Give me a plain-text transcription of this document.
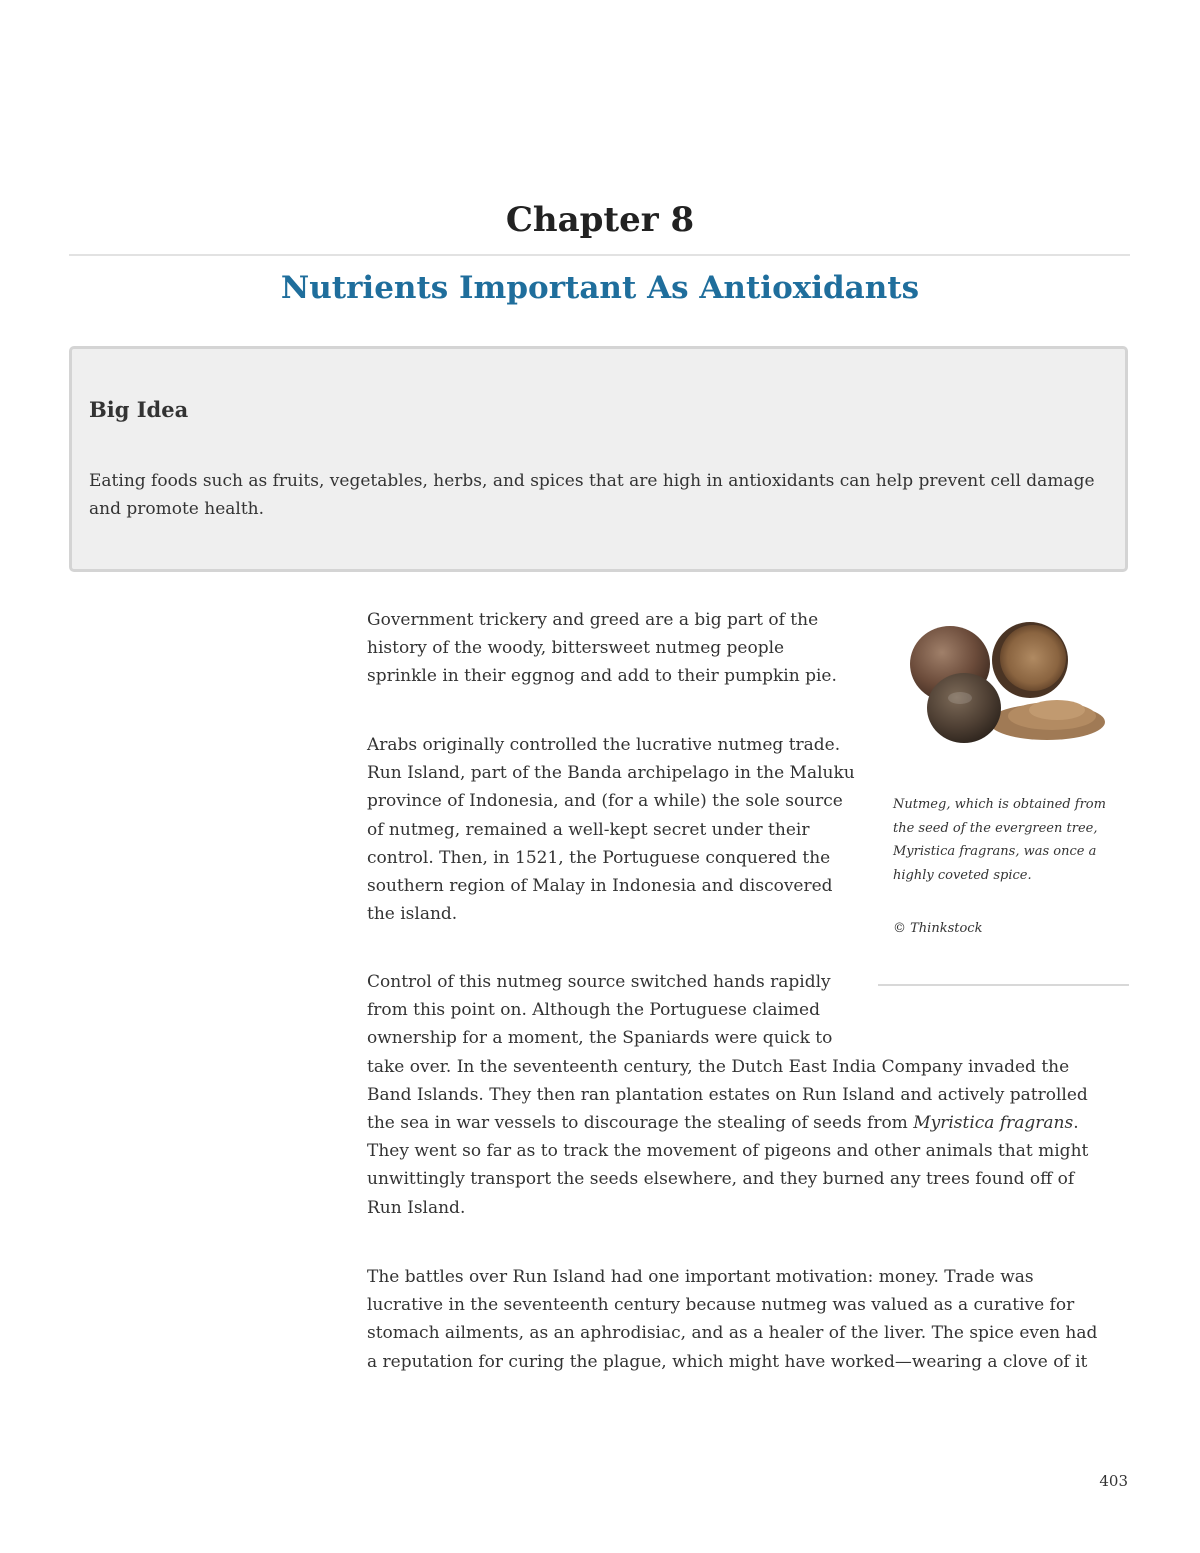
Chapter 8
Nutrients Important As Antioxidants
Big Idea
Eating foods such as fruits, vegetables, herbs, and spices that are high in antioxidants can help prevent cell damage and promote health.

Government trickery and greed are a big part of the
history of the woody, bittersweet nutmeg people
sprinkle in their eggnog and add to their pumpkin pie.

Arabs originally controlled the lucrative nutmeg trade.
Run Island, part of the Banda archipelago in the Maluku
province of Indonesia, and (for a while) the sole source
of nutmeg, remained a well-kept secret under their
control. Then, in 1521, the Portuguese conquered the
southern region of Malay in Indonesia and discovered
the island.

Control of this nutmeg source switched hands rapidly
from this point on. Although the Portuguese claimed
ownership for a moment, the Spaniards were quick to
take over. In the seventeenth century, the Dutch East India Company invaded the
Band Islands. They then ran plantation estates on Run Island and actively patrolled
the sea in war vessels to discourage the stealing of seeds from Myristica fragrans.
They went so far as to track the movement of pigeons and other animals that might
unwittingly transport the seeds elsewhere, and they burned any trees found off of
Run Island.

The battles over Run Island had one important motivation: money. Trade was
lucrative in the seventeenth century because nutmeg was valued as a curative for
stomach ailments, as an aphrodisiac, and as a healer of the liver. The spice even had
a reputation for curing the plague, which might have worked—wearing a clove of it

Nutmeg, which is obtained from
the seed of the evergreen tree,
Myristica fragrans, was once a
highly coveted spice.
© Thinkstock
403
